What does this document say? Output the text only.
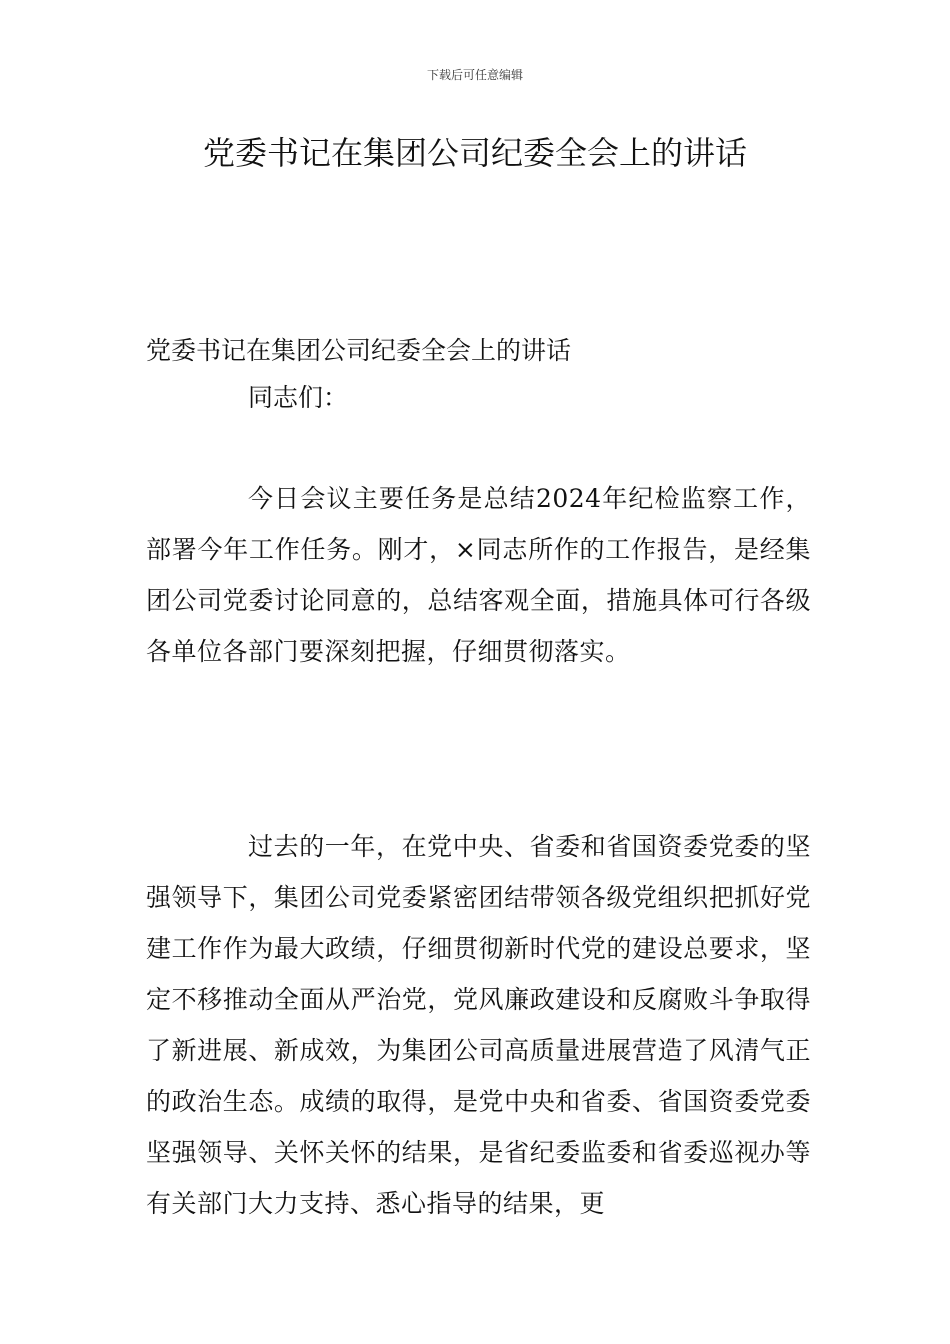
下载后可任意编辑
党委书记在集团公司纪委全会上的讲话
党委书记在集团公司纪委全会上的讲话
同志们：

今日会议主要任务是总结2024年纪检监察工作，部署今年工作任务。刚才，×同志所作的工作报告，是经集团公司党委讨论同意的，总结客观全面，措施具体可行各级各单位各部门要深刻把握，仔细贯彻落实。

过去的一年，在党中央、省委和省国资委党委的坚强领导下，集团公司党委紧密团结带领各级党组织把抓好党建工作作为最大政绩，仔细贯彻新时代党的建设总要求，坚定不移推动全面从严治党，党风廉政建设和反腐败斗争取得了新进展、新成效，为集团公司高质量进展营造了风清气正的政治生态。成绩的取得，是党中央和省委、省国资委党委坚强领导、关怀关怀的结果，是省纪委监委和省委巡视办等有关部门大力支持、悉心指导的结果，更
